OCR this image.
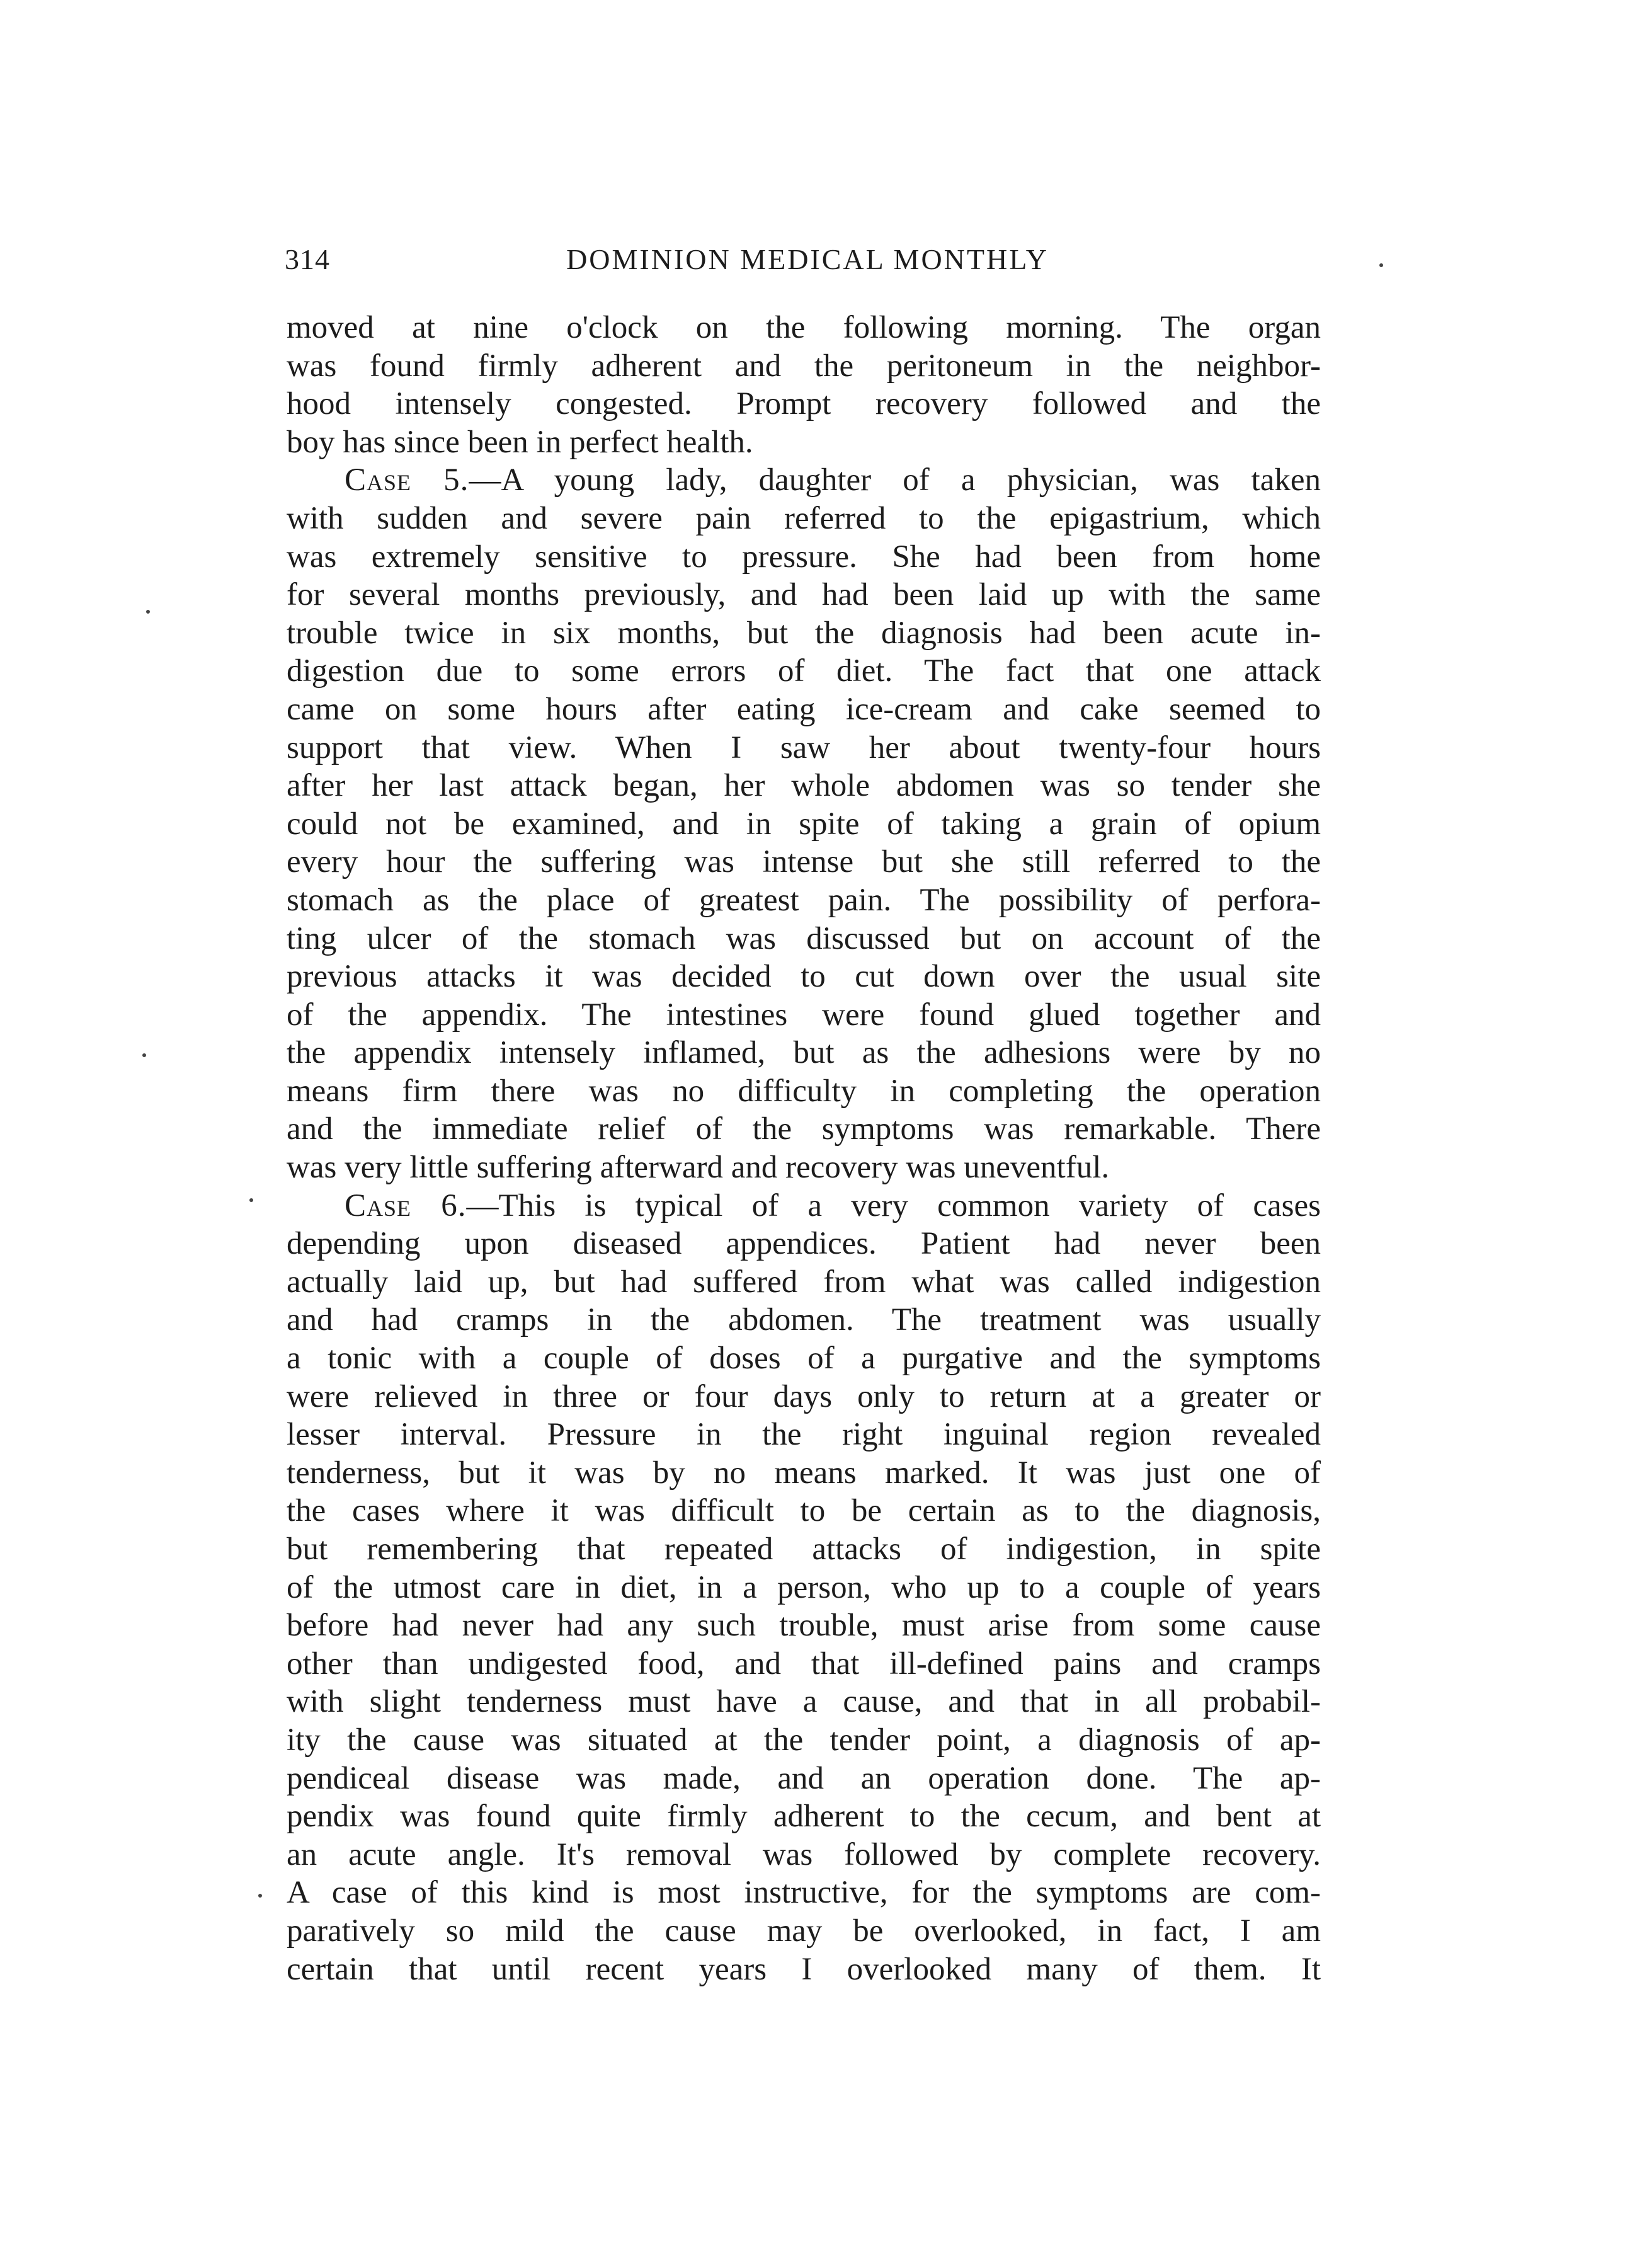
314	DOMINION MEDICAL MONTHLY
moved at nine o'clock on the following morning. The organ
was found firmly adherent and the peritoneum in the neighbor-
hood intensely congested. Prompt recovery followed and the
boy has since been in perfect health.
Case 5.—A young lady, daughter of a physician, was taken
with sudden and severe pain referred to the epigastrium, which
was extremely sensitive to pressure. She had been from home
for several months previously, and had been laid up with the same
trouble twice in six months, but the diagnosis had been acute in-
digestion due to some errors of diet. The fact that one attack
came on some hours after eating ice-cream and cake seemed to
support that view. When I saw her about twenty-four hours
after her last attack began, her whole abdomen was so tender she
could not be examined, and in spite of taking a grain of opium
every hour the suffering was intense but she still referred to the
stomach as the place of greatest pain. The possibility of perfora-
ting ulcer of the stomach was discussed but on account of the
previous attacks it was decided to cut down over the usual site
of the appendix. The intestines were found glued together and
the appendix intensely inflamed, but as the adhesions were by no
means firm there was no difficulty in completing the operation
and the immediate relief of the symptoms was remarkable. There
was very little suffering afterward and recovery was uneventful.
Case 6.—This is typical of a very common variety of cases
depending upon diseased appendices. Patient had never been
actually laid up, but had suffered from what was called indigestion
and had cramps in the abdomen. The treatment was usually
a tonic with a couple of doses of a purgative and the symptoms
were relieved in three or four days only to return at a greater or
lesser interval. Pressure in the right inguinal region revealed
tenderness, but it was by no means marked. It was just one of
the cases where it was difficult to be certain as to the diagnosis,
but remembering that repeated attacks of indigestion, in spite
of the utmost care in diet, in a person, who up to a couple of years
before had never had any such trouble, must arise from some cause
other than undigested food, and that ill-defined pains and cramps
with slight tenderness must have a cause, and that in all probabil-
ity the cause was situated at the tender point, a diagnosis of ap-
pendiceal disease was made, and an operation done. The ap-
pendix was found quite firmly adherent to the cecum, and bent at
an acute angle. It's removal was followed by complete recovery.
A case of this kind is most instructive, for the symptoms are com-
paratively so mild the cause may be overlooked, in fact, I am
certain that until recent years I overlooked many of them. It
